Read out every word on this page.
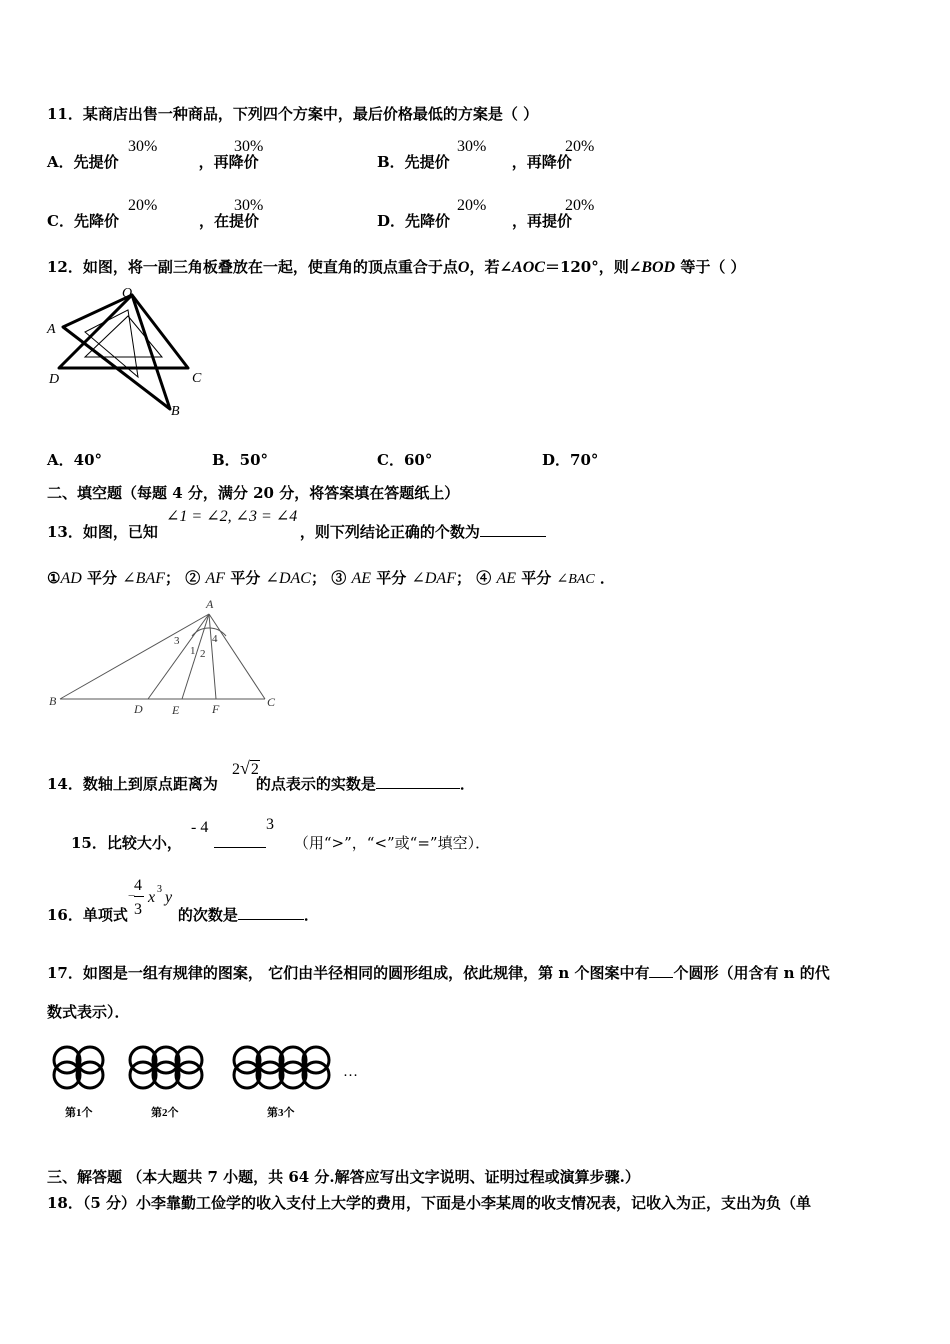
11．某商店出售一种商品，下列四个方案中，最后价格最低的方案是（ ）
A．先提价	，再降价
30%	30%
B．先提价	，再降价
30%	20%
C．先降价	，在提价
20%	30%
D．先降价	，再提价
20%	20%
12．如图，将一副三角板叠放在一起，使直角的顶点重合于点O，若∠AOC＝120°，则∠BOD 等于（ ）
O
A
D	C
B
A．40°	B．50°	C．60°	D．70°
二、填空题（每题 4 分，满分 20 分，将答案填在答题纸上）
13．如图，已知	，则下列结论正确的个数为
∠1 = ∠2, ∠3 = ∠4
①AD 平分 ∠BAF； ② AF 平分 ∠DAC； ③ AE 平分 ∠DAF； ④ AE 平分 ∠BAC ．
A
B
D E	F	C
3
1 2
4
14．数轴上到原点距离为	的点表示的实数是	．
2√2
15．比较大小，	（用“>”，“<”或“=”填空）．
- 4	3
16．单项式	的次数是	．
4
−
3
x 3 y
17．如图是一组有规律的图案， 它们由半径相同的圆形组成，依此规律，第 n 个图案中有 个圆形（用含有 n 的代
数式表示）．
…
第1个	第2个	第3个
三、解答题 （本大题共 7 小题，共 64 分.解答应写出文字说明、证明过程或演算步骤.）
18．（5 分）小李靠勤工俭学的收入支付上大学的费用，下面是小李某周的收支情况表，记收入为正，支出为负（单
